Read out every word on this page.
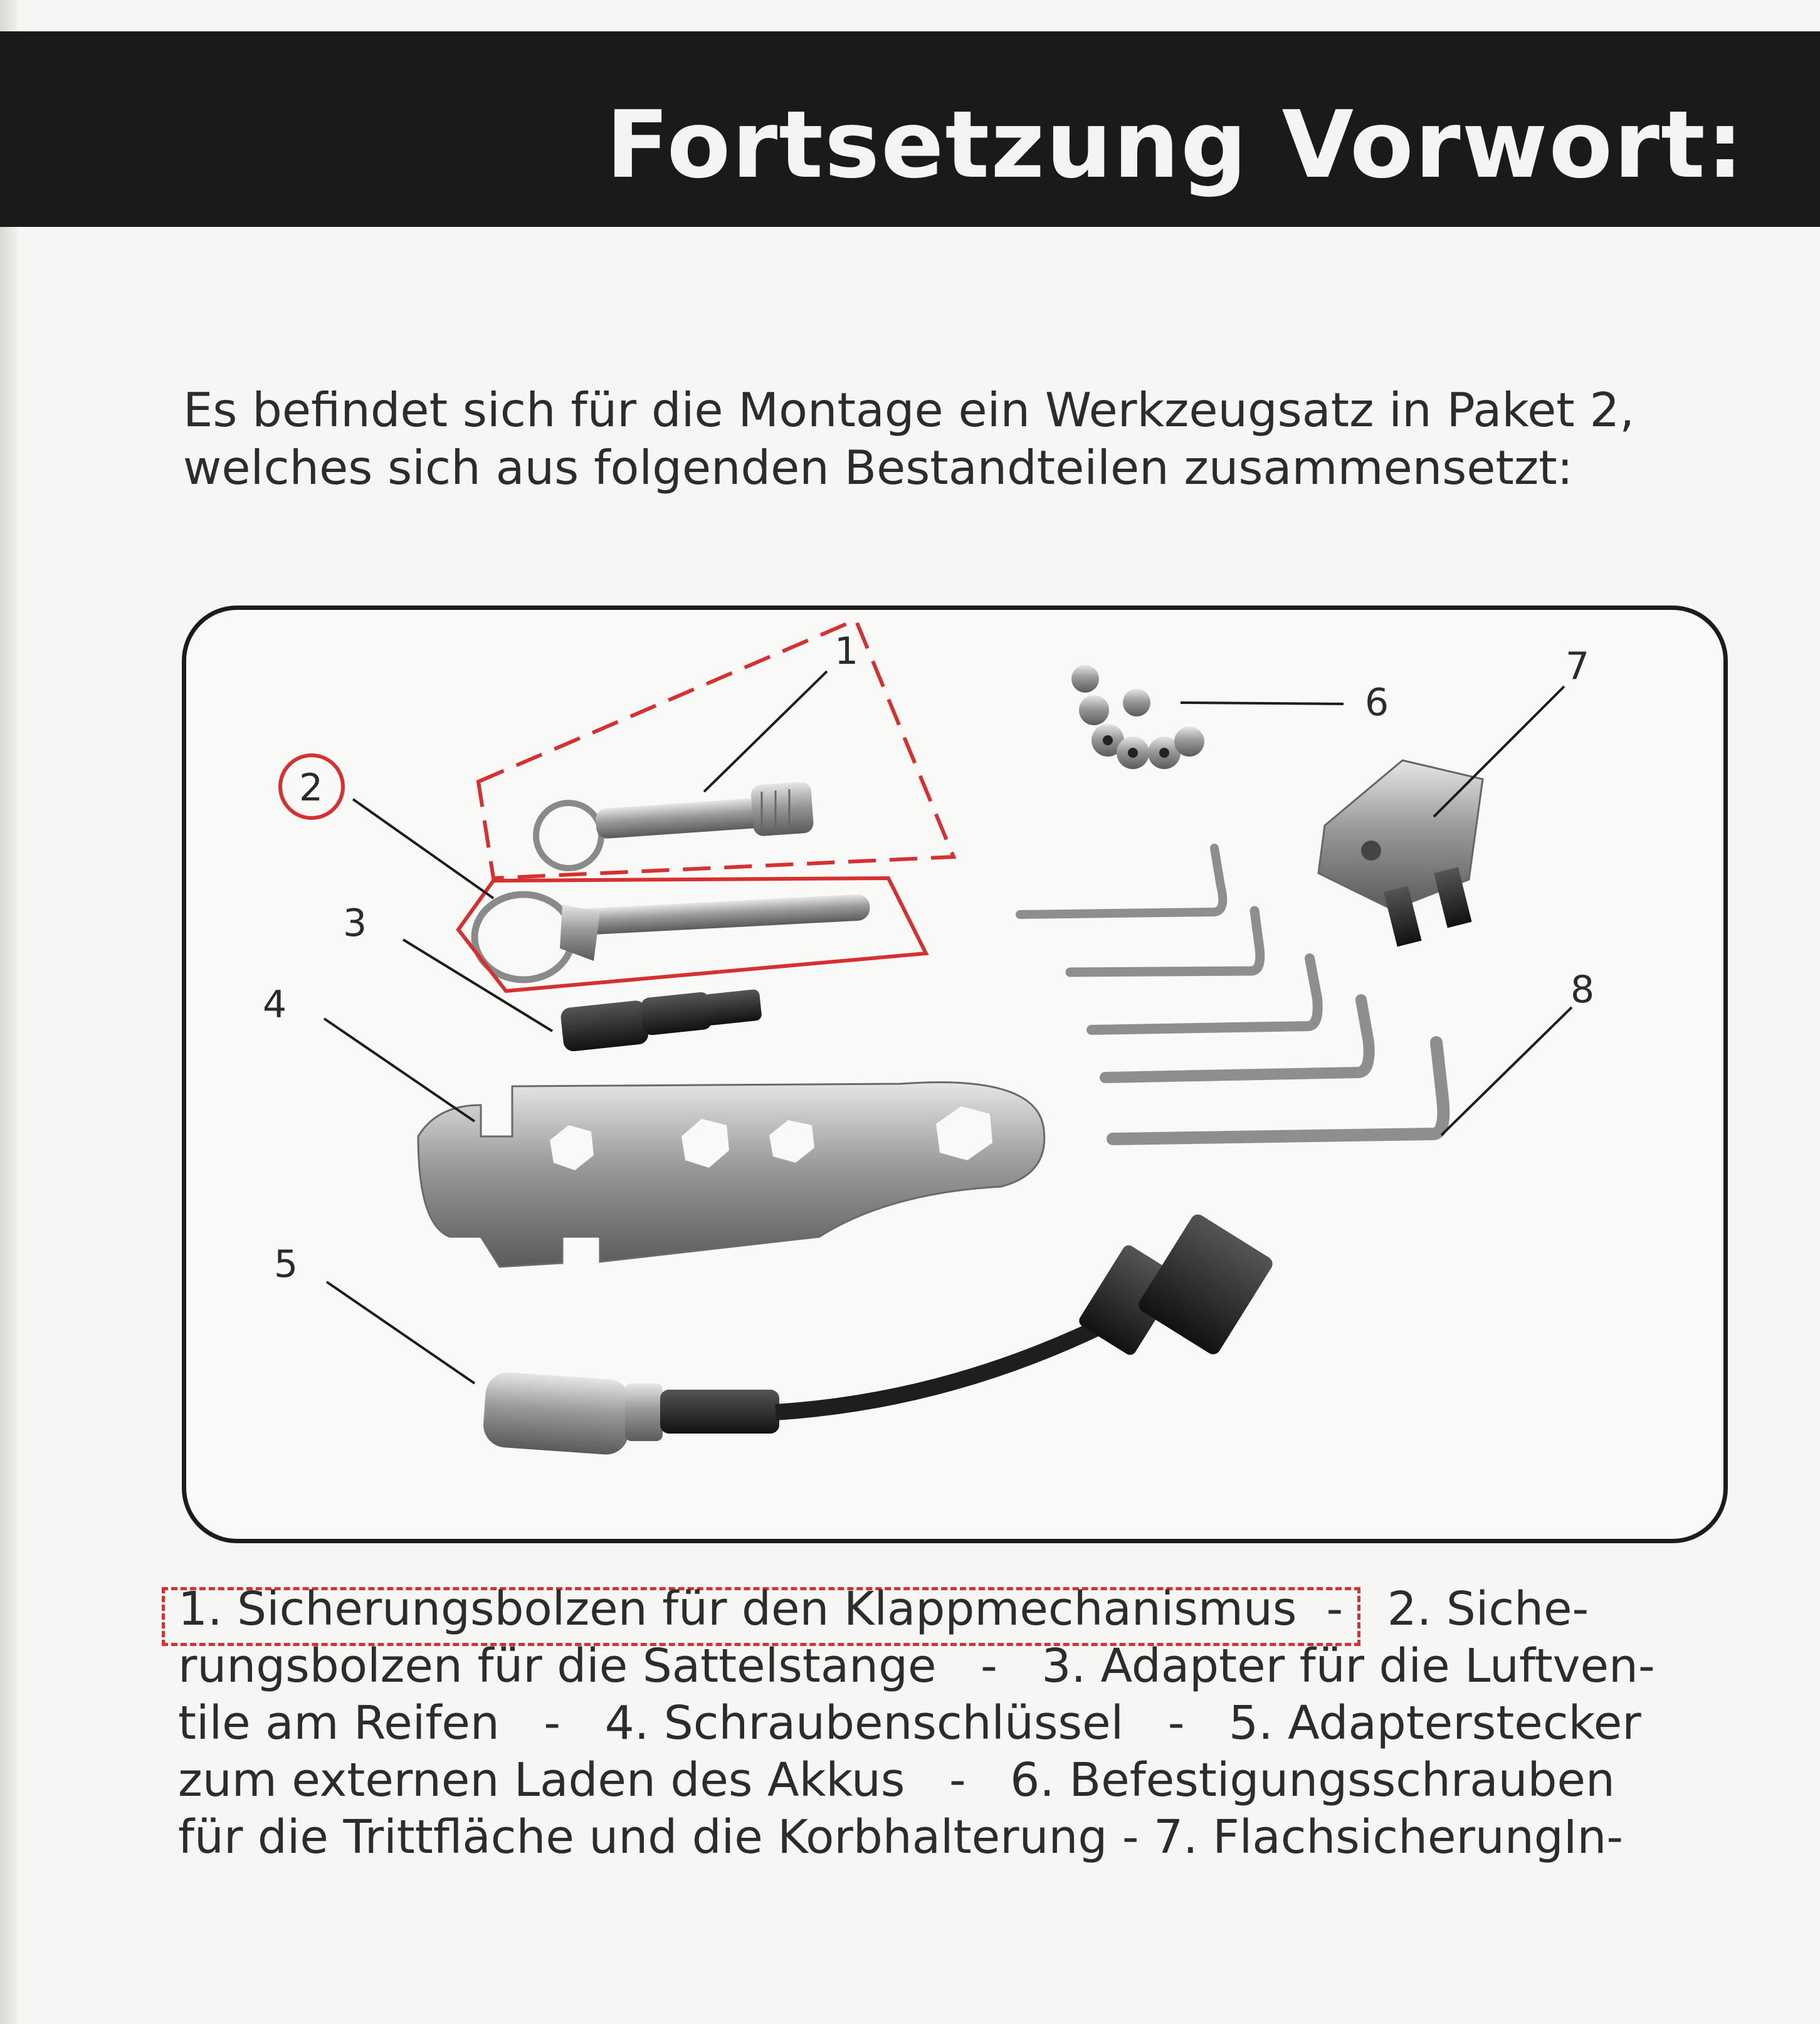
Fortsetzung Vorwort:
Es befindet sich für die Montage ein Werkzeugsatz in Paket 2,
welches sich aus folgenden Bestandteilen zusammensetzt:
1
2
3
4
5
6
7
8
1. Sicherungsbolzen für den Klappmechanismus  -   2. Siche-
rungsbolzen für die Sattelstange   -   3. Adapter für die Luftven-
tile am Reifen   -   4. Schraubenschlüssel   -   5. Adapterstecker
zum externen Laden des Akkus   -   6. Befestigungsschrauben
für die Trittfläche und die Korbhalterung - 7. FlachsicherungIn-
